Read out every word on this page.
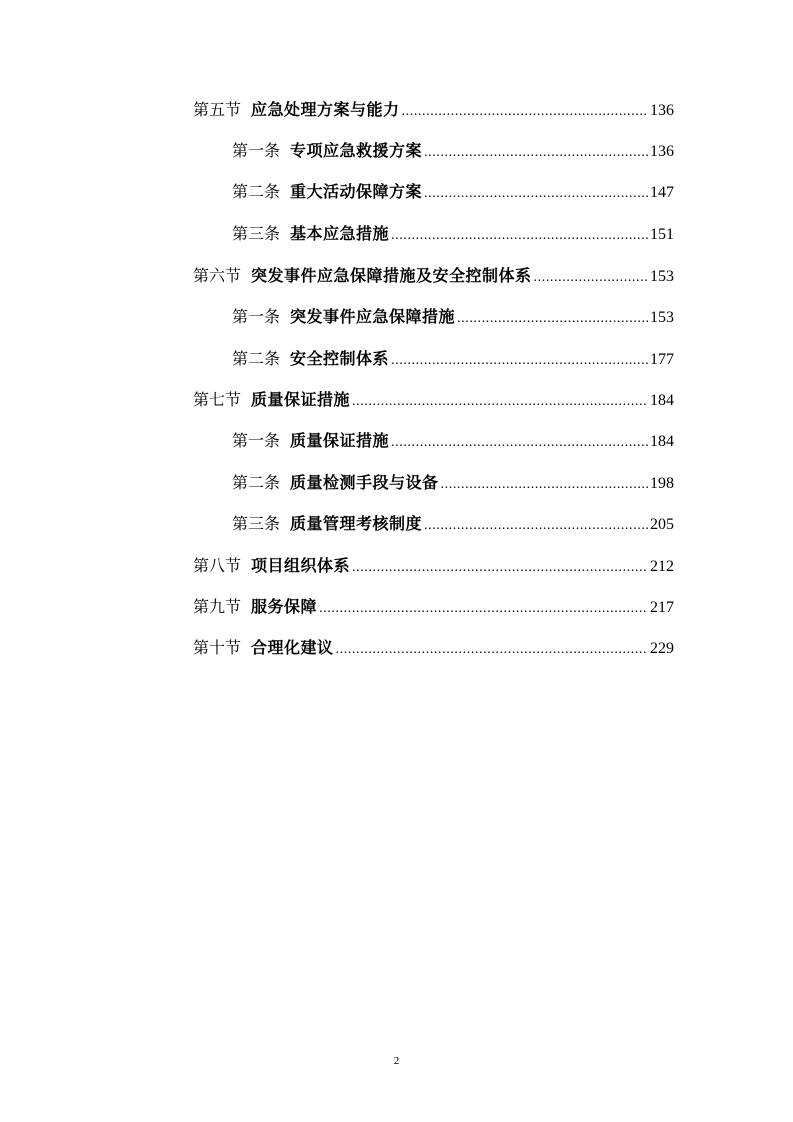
第五节 应急处理方案与能力 .....	136
第一条 专项应急救援方案 .....	136
第二条 重大活动保障方案 .....	147
第三条 基本应急措施 .....	151
第六节 突发事件应急保障措施及安全控制体系 .....	153
第一条 突发事件应急保障措施 .....	153
第二条 安全控制体系 .....	177
第七节 质量保证措施 .....	184
第一条 质量保证措施 .....	184
第二条 质量检测手段与设备 .....	198
第三条 质量管理考核制度 .....	205
第八节 项目组织体系 .....	212
第九节 服务保障 .....	217
第十节 合理化建议 .....	229
2
